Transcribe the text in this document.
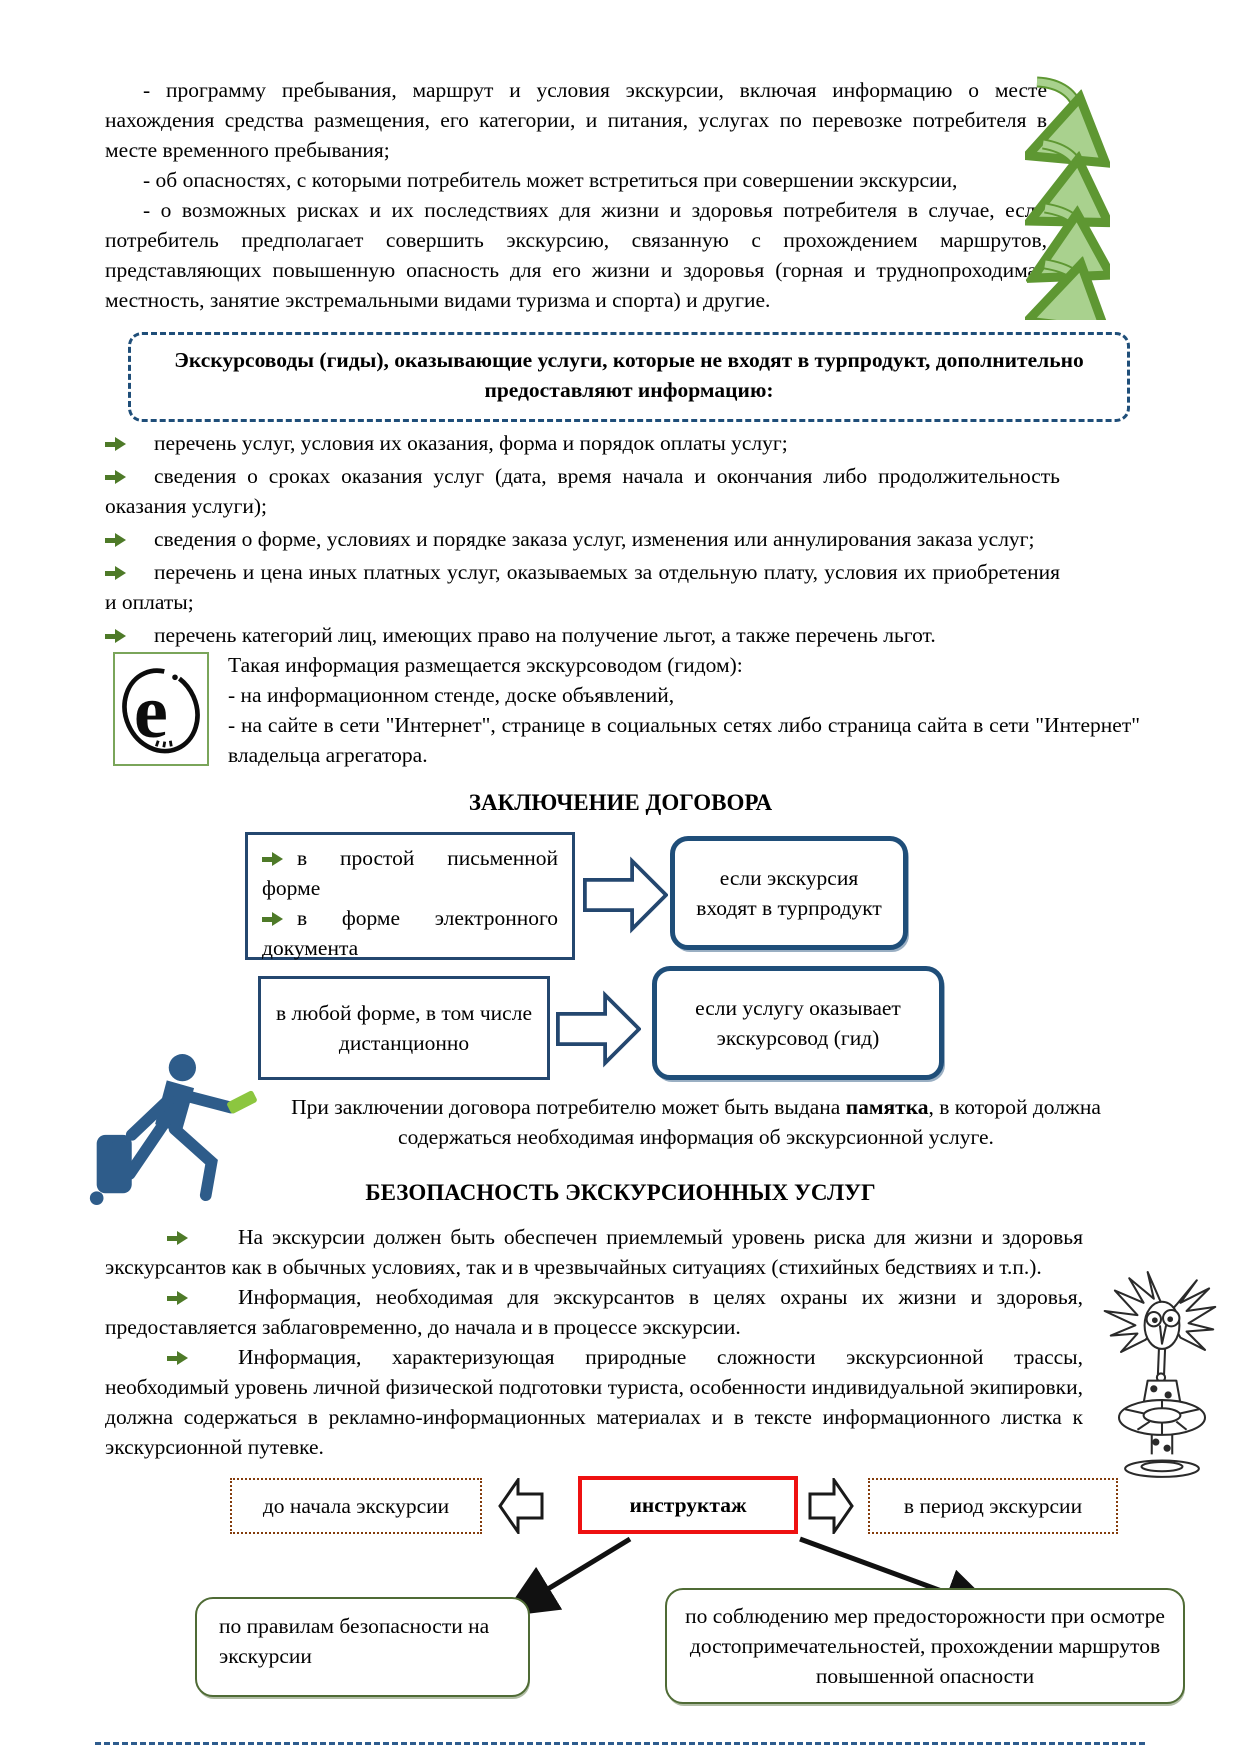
- программу пребывания, маршрут и условия экскурсии, включая информацию о месте нахождения средства размещения, его категории, и питания, услугах по перевозке потребителя в месте временного пребывания;

- об опасностях, с которыми потребитель может встретиться при совершении экскурсии,

- о возможных рисках и их последствиях для жизни и здоровья потребителя в случае, если потребитель предполагает совершить экскурсию, связанную с прохождением маршрутов, представляющих повышенную опасность для его жизни и здоровья (горная и труднопроходимая местность, занятие экстремальными видами туризма и спорта) и другие.

Экскурсоводы (гиды), оказывающие услуги, которые не входят в турпродукт, дополнительно предоставляют информацию:

перечень услуг, условия их оказания, форма и порядок оплаты услуг;

сведения о сроках оказания услуг (дата, время начала и окончания либо продолжительность оказания услуги);

сведения о форме, условиях и порядке заказа услуг, изменения или аннулирования заказа услуг;

перечень и цена иных платных услуг, оказываемых за отдельную плату, условия их приобретения и оплаты;

перечень категорий лиц, имеющих право на получение льгот, а также перечень льгот.

e
Такая информация размещается экскурсоводом (гидом):
- на информационном стенде, доске объявлений,
- на сайте в сети "Интернет", странице в социальных сетях либо страница сайта в сети "Интернет" владельца агрегатора.
ЗАКЛЮЧЕНИЕ ДОГОВОРА

в простой письменной форме

в форме электронного документа

если экскурсия входят в турпродукт
в любой форме, в том числе дистанционно
если услугу оказывает экскурсовод (гид)
При заключении договора потребителю может быть выдана памятка, в которой должна содержаться необходимая информация об экскурсионной услуге.
БЕЗОПАСНОСТЬ ЭКСКУРСИОННЫХ УСЛУГ

На экскурсии должен быть обеспечен приемлемый уровень риска для жизни и здоровья экскурсантов как в обычных условиях, так и в чрезвычайных ситуациях (стихийных бедствиях и т.п.).

Информация, необходимая для экскурсантов в целях охраны их жизни и здоровья, предоставляется заблаговременно, до начала и в процессе экскурсии.

Информация, характеризующая природные сложности экскурсионной трассы, необходимый уровень личной физической подготовки туриста, особенности индивидуальной экипировки, должна содержаться в рекламно-информационных материалах и в тексте информационного листка к экскурсионной путевке.

до начала экскурсии	инструктаж	в период экскурсии
по правилам безопасности на экскурсии
по соблюдению мер предосторожности при осмотре достопримечательностей, прохождении маршрутов повышенной опасности
